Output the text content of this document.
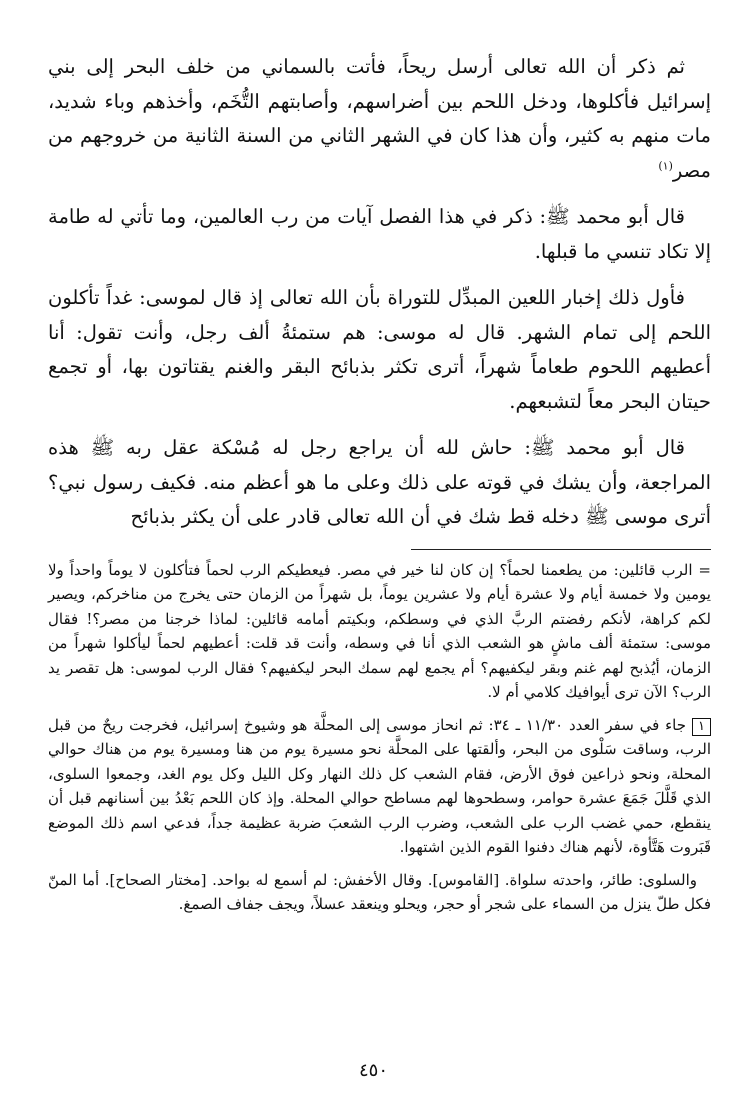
ثم ذكر أن الله تعالى أرسل ريحاً، فأتت بالسماني من خلف البحر إلى بني إسرائيل فأكلوها، ودخل اللحم بين أضراسهم، وأصابتهم التُّخَم، وأخذهم وباء شديد، مات منهم به كثير، وأن هذا كان في الشهر الثاني من السنة الثانية من خروجهم من مصر$^{(١)}$

قال أبو محمد ﷺ: ذكر في هذا الفصل آيات من رب العالمين، وما تأتي له طامة إلا تكاد تنسي ما قبلها.

فأول ذلك إخبار اللعين المبدِّل للتوراة بأن الله تعالى إذ قال لموسى: غداً تأكلون اللحم إلى تمام الشهر. قال له موسى: هم ستمئةُ ألف رجل، وأنت تقول: أنا أعطيهم اللحوم طعاماً شهراً، أترى تكثر بذبائح البقر والغنم يقتاتون بها، أو تجمع حيتان البحر معاً لتشبعهم.

قال أبو محمد ﷺ: حاش لله أن يراجع رجل له مُسْكة عقل ربه ﷺ هذه المراجعة، وأن يشك في قوته على ذلك وعلى ما هو أعظم منه. فكيف رسول نبي؟ أترى موسى ﷺ دخله قط شك في أن الله تعالى قادر على أن يكثر بذبائح

= الرب قائلين: من يطعمنا لحماً؟ إن كان لنا خير في مصر. فيعطيكم الرب لحماً فتأكلون لا يوماً واحداً ولا يومين ولا خمسة أيام ولا عشرة أيام ولا عشرين يوماً، بل شهراً من الزمان حتى يخرج من مناخركم، ويصير لكم كراهة، لأنكم رفضتم الربَّ الذي في وسطكم، وبكيتم أمامه قائلين: لماذا خرجنا من مصر؟! فقال موسى: ستمئة ألف ماشٍ هو الشعب الذي أنا في وسطه، وأنت قد قلت: أعطيهم لحماً ليأكلوا شهراً من الزمان، أيُذبح لهم غنم وبقر ليكفيهم؟ أم يجمع لهم سمك البحر ليكفيهم؟ فقال الرب لموسى: هل تقصر يد الرب؟ الآن ترى أيوافيك كلامي أم لا.

١جاء في سفر العدد ١١/٣٠ ـ ٣٤: ثم انحاز موسى إلى المحلَّة هو وشيوخ إسرائيل، فخرجت ريحٌ من قبل الرب، وساقت سَلْوى من البحر، وألقتها على المحلَّة نحو مسيرة يوم من هنا ومسيرة يوم من هناك حوالي المحلة، ونحو ذراعين فوق الأرض، فقام الشعب كل ذلك النهار وكل الليل وكل يوم الغد، وجمعوا السلوى، الذي قَلَّلَ جَمَعَ عشرة حوامر، وسطحوها لهم مساطح حوالي المحلة. وإذ كان اللحم بَعْدُ بين أسنانهم قبل أن ينقطع، حمي غضب الرب على الشعب، وضرب الرب الشعبَ ضربة عظيمة جداً، فدعي اسم ذلك الموضع قَبَروت هَتَّأوة، لأنهم هناك دفنوا القوم الذين اشتهوا.

والسلوى: طائر، واحدته سلواة. [القاموس]. وقال الأخفش: لم أسمع له بواحد. [مختار الصحاح]. أما المنّ فكل طلّ ينزل من السماء على شجر أو حجر، ويحلو وينعقد عسلاً، ويجف جفاف الصمغ.

٤٥٠
